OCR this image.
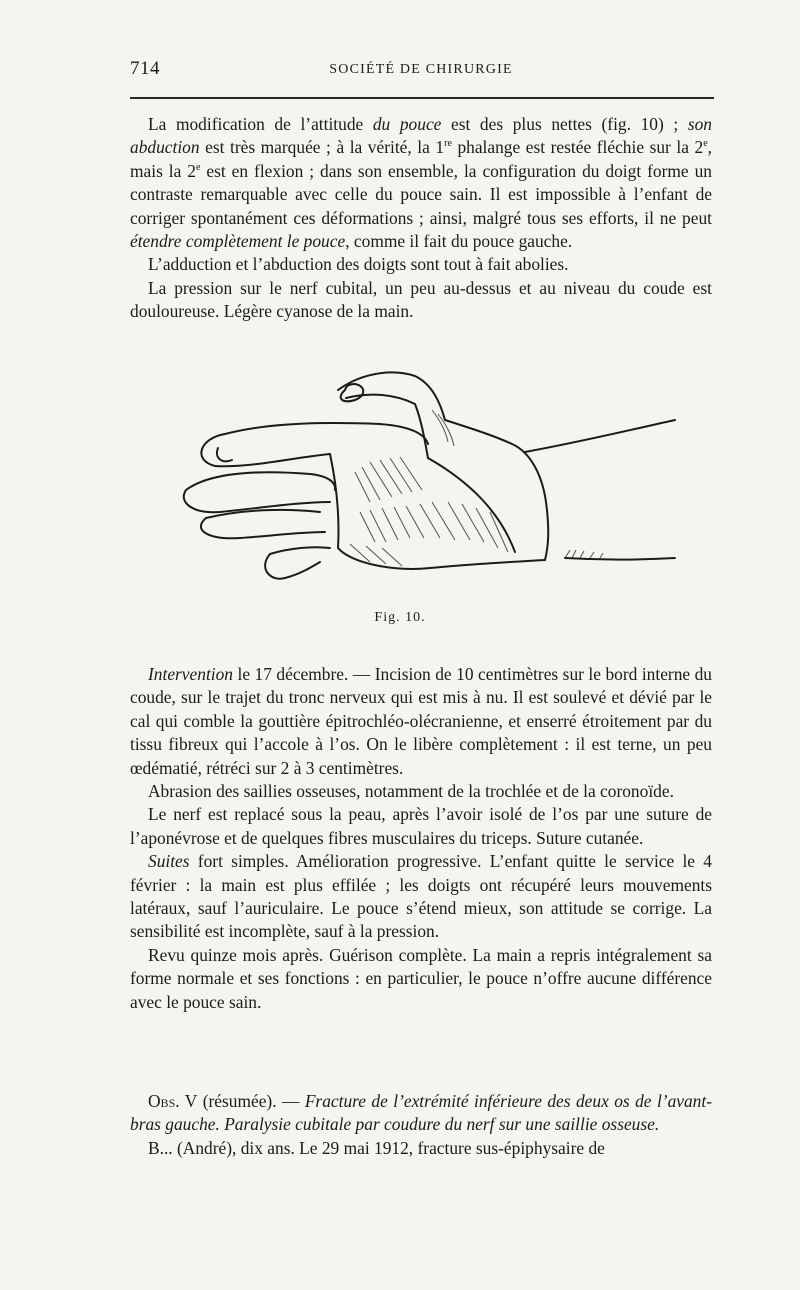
714	SOCIÉTÉ DE CHIRURGIE

La modification de l’attitude du pouce est des plus nettes (fig. 10) ; son abduction est très marquée ; à la vérité, la 1re phalange est restée fléchie sur la 2e, mais la 2e est en flexion ; dans son ensemble, la configuration du doigt forme un contraste remarquable avec celle du pouce sain. Il est impossible à l’enfant de corriger spontanément ces déformations ; ainsi, malgré tous ses efforts, il ne peut étendre complètement le pouce, comme il fait du pouce gauche.

L’adduction et l’abduction des doigts sont tout à fait abolies.

La pression sur le nerf cubital, un peu au-dessus et au niveau du coude est douloureuse. Légère cyanose de la main.

Fig. 10.

Intervention le 17 décembre. — Incision de 10 centimètres sur le bord interne du coude, sur le trajet du tronc nerveux qui est mis à nu. Il est soulevé et dévié par le cal qui comble la gouttière épitrochléo-olécranienne, et enserré étroitement par du tissu fibreux qui l’accole à l’os. On le libère complètement : il est terne, un peu œdématié, rétréci sur 2 à 3 centimètres.

Abrasion des saillies osseuses, notamment de la trochlée et de la coronoïde.

Le nerf est replacé sous la peau, après l’avoir isolé de l’os par une suture de l’aponévrose et de quelques fibres musculaires du triceps. Suture cutanée.

Suites fort simples. Amélioration progressive. L’enfant quitte le service le 4 février : la main est plus effilée ; les doigts ont récupéré leurs mouvements latéraux, sauf l’auriculaire. Le pouce s’étend mieux, son attitude se corrige. La sensibilité est incomplète, sauf à la pression.

Revu quinze mois après. Guérison complète. La main a repris intégralement sa forme normale et ses fonctions : en particulier, le pouce n’offre aucune différence avec le pouce sain.

Obs. V (résumée). — Fracture de l’extrémité inférieure des deux os de l’avant-bras gauche. Paralysie cubitale par coudure du nerf sur une saillie osseuse.

B... (André), dix ans. Le 29 mai 1912, fracture sus-épiphysaire de
